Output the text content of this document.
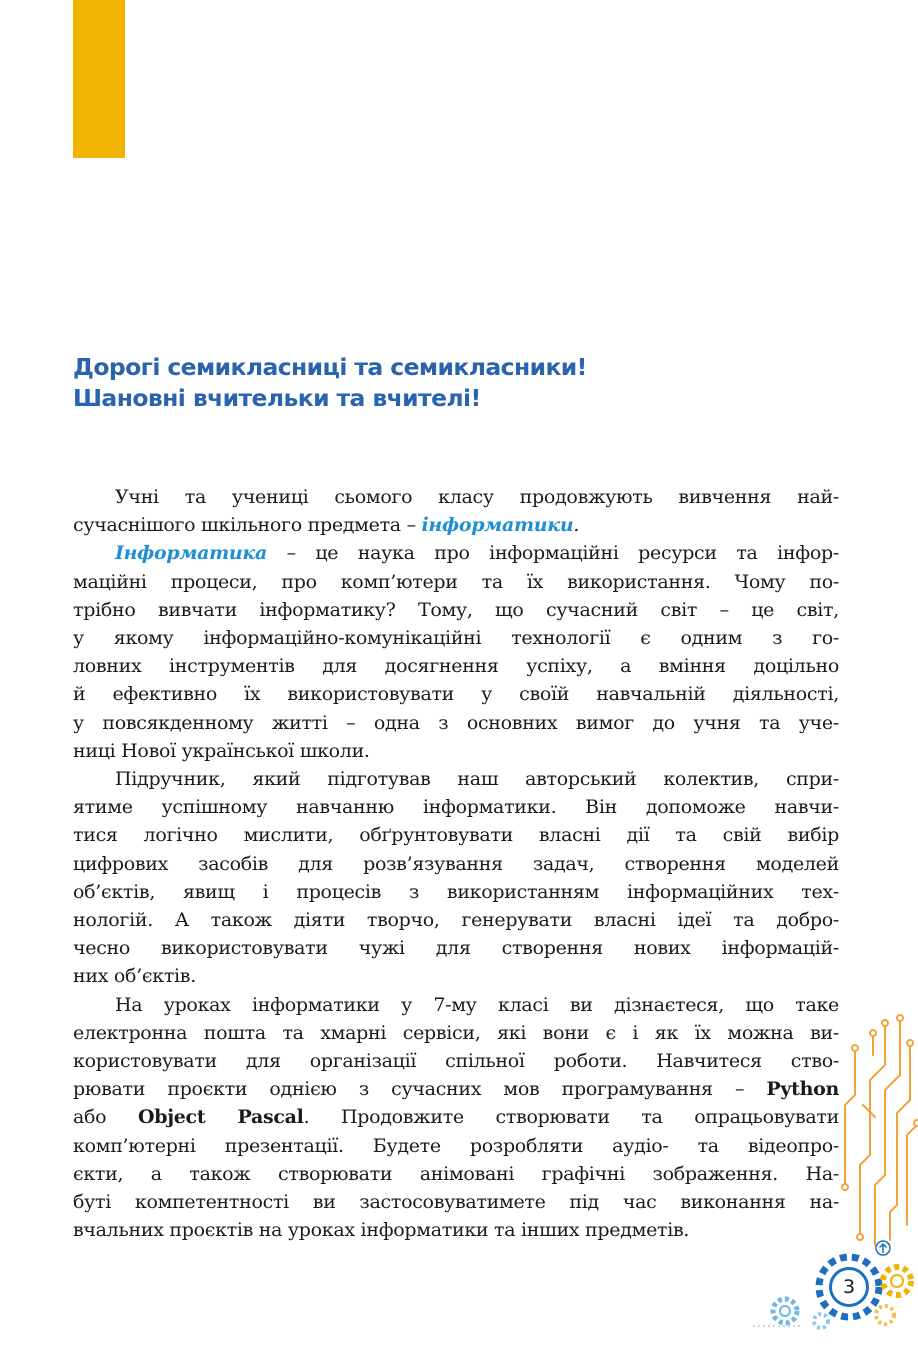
Дорогі семикласниці та семикласники!
Шановні вчительки та вчителі!
Учні та учениці сьомого класу продовжують вивчення най-
сучаснішого шкільного предмета – інформатики.
Інформатика – це наука про інформаційні ресурси та інфор-
маційні процеси, про комп’ютери та їх використання. Чому по-
трібно вивчати інформатику? Тому, що сучасний світ – це світ,
у якому інформаційно-комунікаційні технології є одним з го-
ловних інструментів для досягнення успіху, а вміння доцільно
й ефективно їх використовувати у своїй навчальній діяльності,
у повсякденному житті – одна з основних вимог до учня та уче-
ниці Нової української школи.
Підручник, який підготував наш авторський колектив, спри-
ятиме успішному навчанню інформатики. Він допоможе навчи-
тися логічно мислити, обґрунтовувати власні дії та свій вибір
цифрових засобів для розв’язування задач, створення моделей
об’єктів, явищ і процесів з використанням інформаційних тех-
нологій. А також діяти творчо, генерувати власні ідеї та добро-
чесно використовувати чужі для створення нових інформацій-
них об’єктів.
На уроках інформатики у 7-му класі ви дізнаєтеся, що таке
електронна пошта та хмарні сервіси, які вони є і як їх можна ви-
користовувати для організації спільної роботи. Навчитеся ство-
рювати проєкти однією з сучасних мов програмування – Python
або Object Pascal. Продовжите створювати та опрацьовувати
комп’ютерні презентації. Будете розробляти аудіо- та відеопро-
єкти, а також створювати анімовані графічні зображення. На-
буті компетентності ви застосовуватимете під час виконання на-
вчальних проєктів на уроках інформатики та інших предметів.
3
